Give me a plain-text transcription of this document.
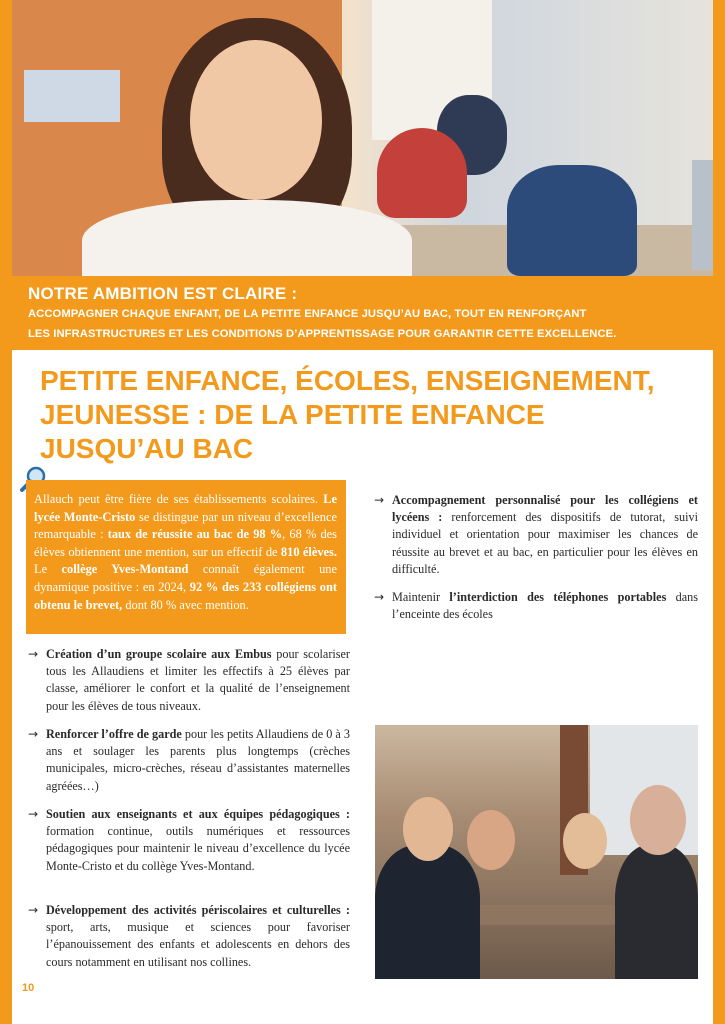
NOTRE AMBITION EST CLAIRE :
ACCOMPAGNER CHAQUE ENFANT, DE LA PETITE ENFANCE JUSQU’AU BAC, TOUT EN RENFORÇANT
LES INFRASTRUCTURES ET LES CONDITIONS D’APPRENTISSAGE POUR GARANTIR CETTE EXCELLENCE.
PETITE ENFANCE, ÉCOLES, ENSEIGNEMENT,
JEUNESSE : DE LA PETITE ENFANCE
JUSQU’AU BAC

Allauch peut être fière de ses établissements scolaires. Le lycée Monte-Cristo se distingue par un niveau d’excellence remarquable : taux de réussite au bac de 98 %, 68 % des élèves obtiennent une mention, sur un effectif de 810 élèves. Le collège Yves-Montand connaît également une dynamique positive : en 2024, 92 % des 233 collégiens ont obtenu le brevet, dont 80 % avec mention.

→ Création d’un groupe scolaire aux Embus pour scolariser tous les Allaudiens et limiter les effectifs à 25 élèves par classe, améliorer le confort et la qualité de l’enseignement pour les élèves de tous niveaux.
→ Renforcer l’offre de garde pour les petits Allaudiens de 0 à 3 ans et soulager les parents plus longtemps (crèches municipales, micro-crèches, réseau d’assistantes maternelles agréées…)
→ Soutien aux enseignants et aux équipes pédagogiques : formation continue, outils numériques et ressources pédagogiques pour maintenir le niveau d’excellence du lycée Monte-Cristo et du collège Yves-Montand.
→ Développement des activités périscolaires et culturelles : sport, arts, musique et sciences pour favoriser l’épanouissement des enfants et adolescents en dehors des cours notamment en utilisant nos collines.
→ Accompagnement personnalisé pour les collégiens et lycéens : renforcement des dispositifs de tutorat, suivi individuel et orientation pour maximiser les chances de réussite au brevet et au bac, en particulier pour les élèves en difficulté.
→ Maintenir l’interdiction des téléphones portables dans l’enceinte des écoles
10
